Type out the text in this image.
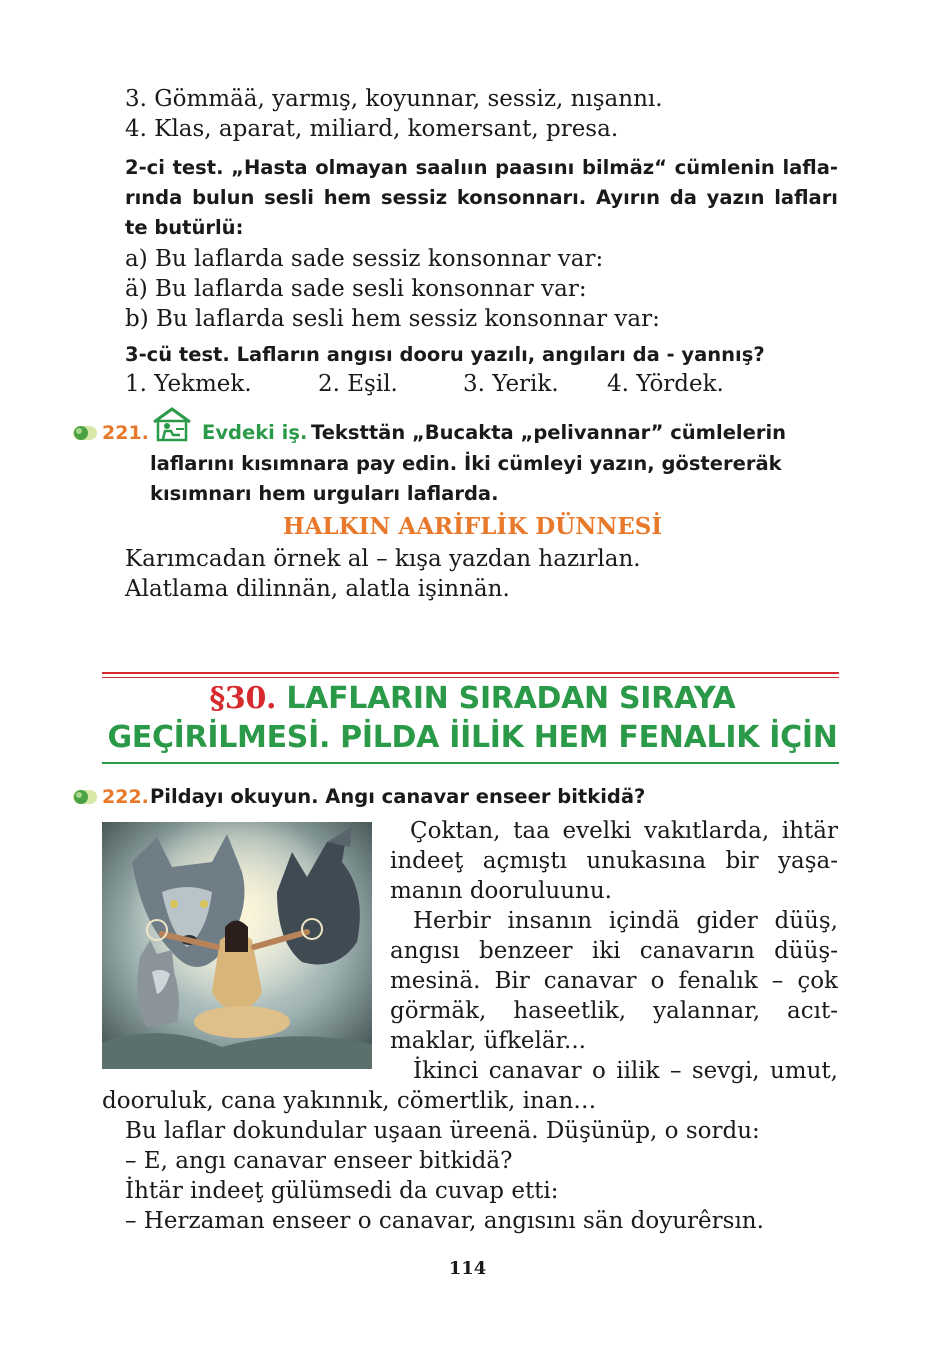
3. Gömmää, yarmış, koyunnar, sessiz, nışannı.
4. Klas, aparat, miliard, komersant, presa.
2-ci test. „Hasta olmayan saalıın paasını bilmäz“ cümlenin lafla-
rında bulun sesli hem sessiz konsonnarı. Ayırın da yazın lafları
te butürlü:
a) Bu laflarda sade sessiz konsonnar var:
ä) Bu laflarda sade sesli konsonnar var:
b) Bu laflarda sesli hem sessiz konsonnar var:
3-cü test. Lafların angısı dooru yazılı, angıları da - yannış?
1. Yekmek.	2. Eşil.	3. Yerik. 4. Yördek.
221.	Evdeki iş. Teksttän „Bucakta „pelivannar” cümlelerin
laflarını kısımnara pay edin. İki cümleyi yazın, göstereräk
kısımnarı hem urguları laflarda.
HALKIN AARİFLİK DÜNNESİ
Karımcadan örnek al – kışa yazdan hazırlan.
Alatlama dilinnän, alatla işinnän.
§30. LAFLARIN SIRADAN SIRAYA
GEÇİRİLMESİ. PİLDA İİLİK HEM FENALIK İÇİN
222. Pildayı okuyun. Angı canavar enseer bitkidä?
Çoktan, taa evelki vakıtlarda, ihtär
indeeţ açmıştı unukasına bir yaşa-
manın dooruluunu.
Herbir insanın içindä gider düüş,
angısı benzeer iki canavarın düüş-
mesinä. Bir canavar o fenalık – çok
görmäk, haseetlik, yalannar, acıt-
maklar, üfkelär...
İkinci canavar o iilik – sevgi, umut,
dooruluk, cana yakınnık, cömertlik, inan…
Bu laflar dokundular uşaan üreenä. Düşünüp, o sordu:
– E, angı canavar enseer bitkidä?
İhtär indeeţ gülümsedi da cuvap etti:
– Herzaman enseer o canavar, angısını sän doyurêrsın.
114
